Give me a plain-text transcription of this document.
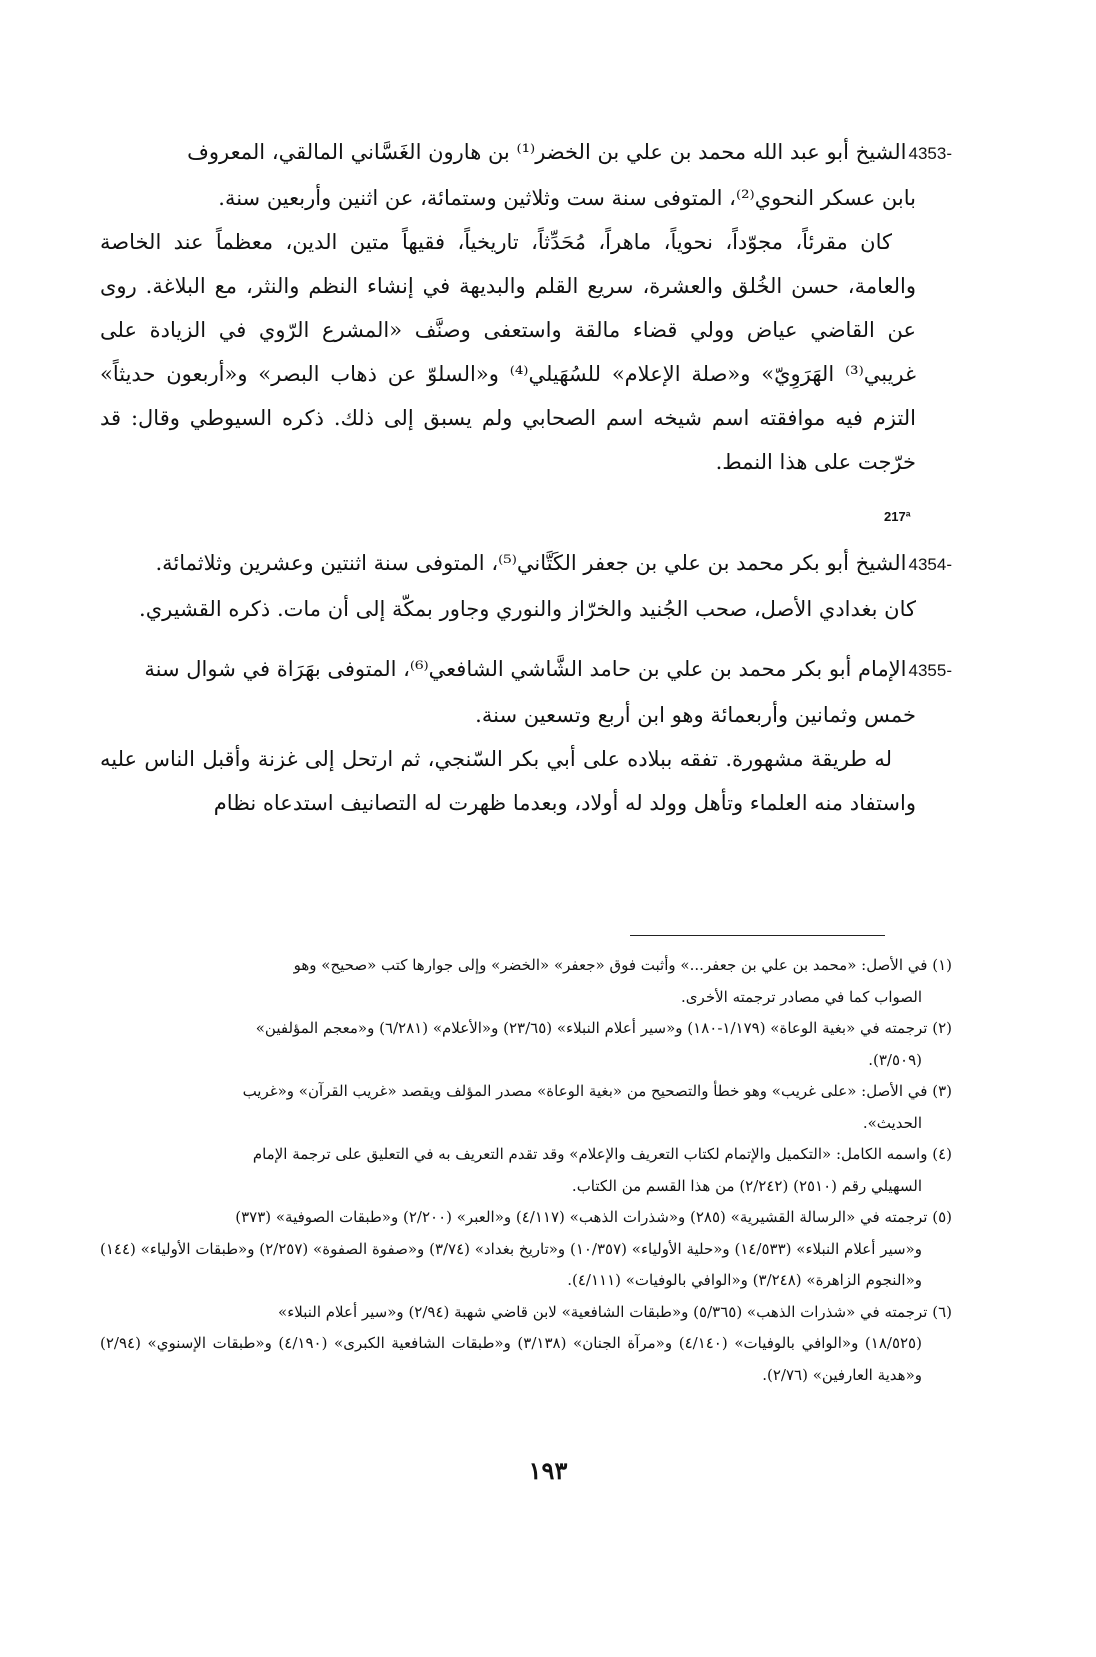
4353-الشيخ أبو عبد الله محمد بن علي بن الخضر⁽¹⁾ بن هارون الغَسَّاني المالقي، المعروف
بابن عسكر النحوي⁽²⁾، المتوفى سنة ست وثلاثين وستمائة، عن اثنين وأربعين سنة.

كان مقرئاً، مجوّداً، نحوياً، ماهراً، مُحَدِّثاً، تاريخياً، فقيهاً متين الدين، معظماً عند الخاصة والعامة، حسن الخُلق والعشرة، سريع القلم والبديهة في إنشاء النظم والنثر، مع البلاغة. روى عن القاضي عياض وولي قضاء مالقة واستعفى وصنَّف «المشرع الرّوي في الزيادة على غريبي⁽³⁾ الهَرَوِيّ» و«صلة الإعلام» للسُهَيلي⁽⁴⁾ و«السلوّ عن ذهاب البصر» و«أربعون حديثاً» التزم فيه موافقته اسم شيخه اسم الصحابي ولم يسبق إلى ذلك. ذكره السيوطي وقال: قد خرّجت على هذا النمط.

217ª
4354-الشيخ أبو بكر محمد بن علي بن جعفر الكَتَّاني⁽⁵⁾، المتوفى سنة اثنتين وعشرين وثلاثمائة.
كان بغدادي الأصل، صحب الجُنيد والخرّاز والنوري وجاور بمكّة إلى أن مات. ذكره القشيري.
4355-الإمام أبو بكر محمد بن علي بن حامد الشَّاشي الشافعي⁽⁶⁾، المتوفى بهَرَاة في شوال سنة
خمس وثمانين وأربعمائة وهو ابن أربع وتسعين سنة.

له طريقة مشهورة. تفقه ببلاده على أبي بكر السّنجي، ثم ارتحل إلى غزنة وأقبل الناس عليه واستفاد منه العلماء وتأهل وولد له أولاد، وبعدما ظهرت له التصانيف استدعاه نظام

(١) في الأصل: «محمد بن علي بن جعفر...» وأثبت فوق «جعفر» «الخضر» وإلى جوارها كتب «صحيح» وهو
الصواب كما في مصادر ترجمته الأخرى.
(٢) ترجمته في «بغية الوعاة» (١/١٧٩-١٨٠) و«سير أعلام النبلاء» (٢٣/٦٥) و«الأعلام» (٦/٢٨١) و«معجم المؤلفين»
(٣/٥٠٩).
(٣) في الأصل: «على غريب» وهو خطأ والتصحيح من «بغية الوعاة» مصدر المؤلف ويقصد «غريب القرآن» و«غريب
الحديث».
(٤) واسمه الكامل: «التكميل والإتمام لكتاب التعريف والإعلام» وقد تقدم التعريف به في التعليق على ترجمة الإمام
السهيلي رقم (٢٥١٠) (٢/٢٤٢) من هذا القسم من الكتاب.
(٥) ترجمته في «الرسالة القشيرية» (٢٨٥) و«شذرات الذهب» (٤/١١٧) و«العبر» (٢/٢٠٠) و«طبقات الصوفية» (٣٧٣)
و«سير أعلام النبلاء» (١٤/٥٣٣) و«حلية الأولياء» (١٠/٣٥٧) و«تاريخ بغداد» (٣/٧٤) و«صفوة الصفوة» (٢/٢٥٧) و«طبقات الأولياء» (١٤٤) و«النجوم الزاهرة» (٣/٢٤٨) و«الوافي بالوفيات» (٤/١١١).
(٦) ترجمته في «شذرات الذهب» (٥/٣٦٥) و«طبقات الشافعية» لابن قاضي شهبة (٢/٩٤) و«سير أعلام النبلاء»
(١٨/٥٢٥) و«الوافي بالوفيات» (٤/١٤٠) و«مرآة الجنان» (٣/١٣٨) و«طبقات الشافعية الكبرى» (٤/١٩٠) و«طبقات الإسنوي» (٢/٩٤) و«هدية العارفين» (٢/٧٦).
١٩٣
